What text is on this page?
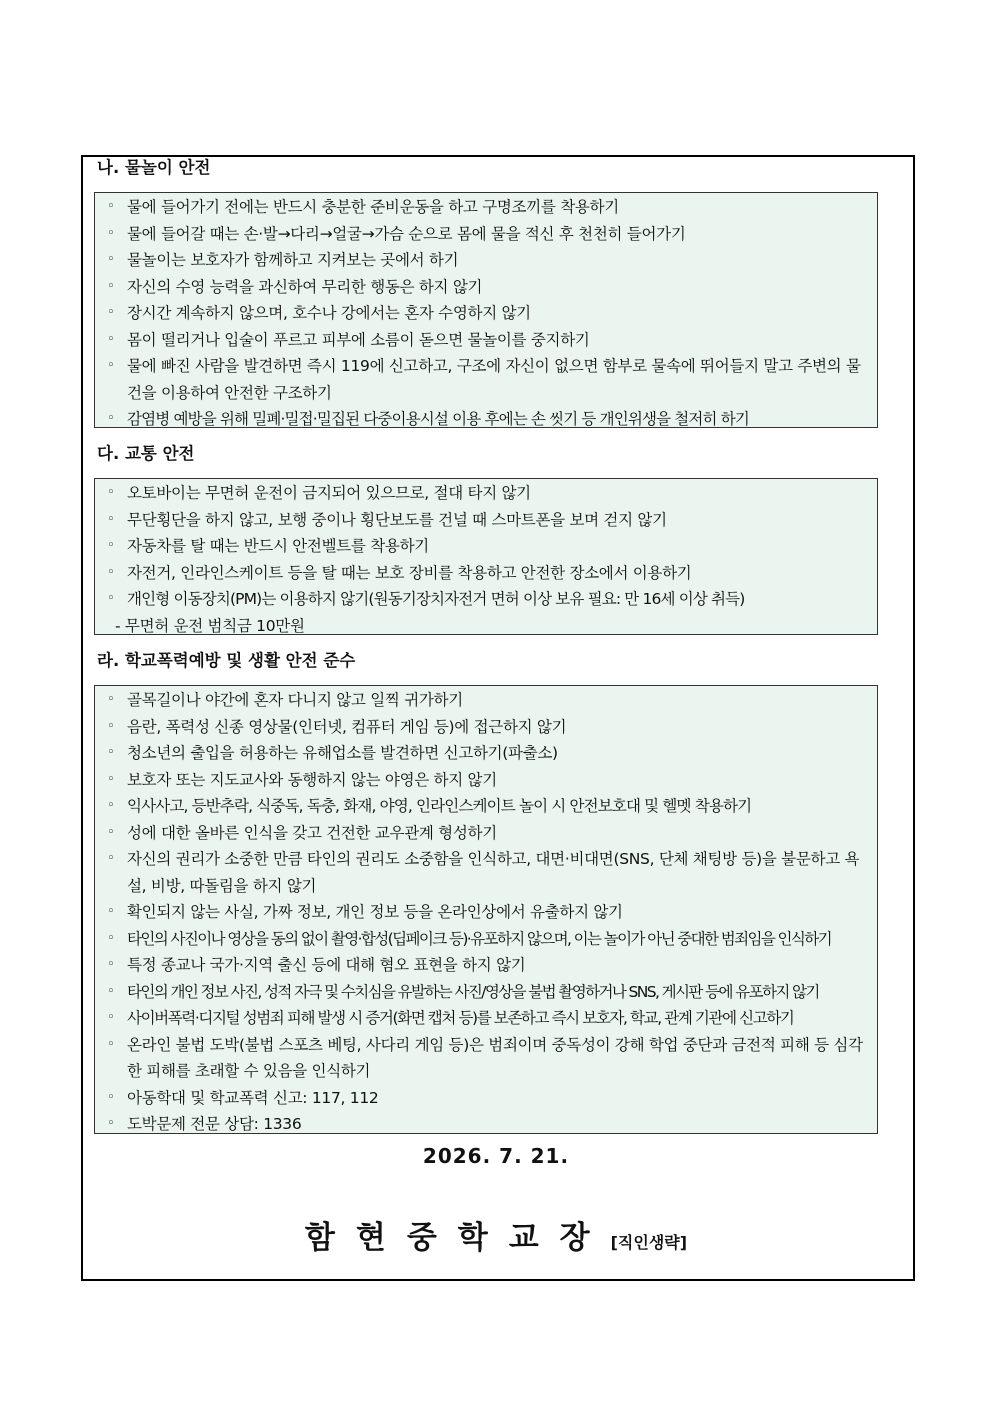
나. 물놀이 안전
◦ 물에 들어가기 전에는 반드시 충분한 준비운동을 하고 구명조끼를 착용하기
◦ 물에 들어갈 때는 손·발→다리→얼굴→가슴 순으로 몸에 물을 적신 후 천천히 들어가기
◦ 물놀이는 보호자가 함께하고 지켜보는 곳에서 하기
◦ 자신의 수영 능력을 과신하여 무리한 행동은 하지 않기
◦ 장시간 계속하지 않으며, 호수나 강에서는 혼자 수영하지 않기
◦ 몸이 떨리거나 입술이 푸르고 피부에 소름이 돋으면 물놀이를 중지하기
◦ 물에 빠진 사람을 발견하면 즉시 119에 신고하고, 구조에 자신이 없으면 함부로 물속에 뛰어들지 말고 주변의 물건을 이용하여 안전한 구조하기
◦ 감염병 예방을 위해 밀폐·밀접·밀집된 다중이용시설 이용 후에는 손 씻기 등 개인위생을 철저히 하기
다. 교통 안전
◦ 오토바이는 무면허 운전이 금지되어 있으므로, 절대 타지 않기
◦ 무단횡단을 하지 않고, 보행 중이나 횡단보도를 건널 때 스마트폰을 보며 걷지 않기
◦ 자동차를 탈 때는 반드시 안전벨트를 착용하기
◦ 자전거, 인라인스케이트 등을 탈 때는 보호 장비를 착용하고 안전한 장소에서 이용하기
◦ 개인형 이동장치(PM)는 이용하지 않기(원동기장치자전거 면허 이상 보유 필요: 만 16세 이상 취득)
- 무면허 운전 범칙금 10만원
라. 학교폭력예방 및 생활 안전 준수
◦ 골목길이나 야간에 혼자 다니지 않고 일찍 귀가하기
◦ 음란, 폭력성 신종 영상물(인터넷, 컴퓨터 게임 등)에 접근하지 않기
◦ 청소년의 출입을 허용하는 유해업소를 발견하면 신고하기(파출소)
◦ 보호자 또는 지도교사와 동행하지 않는 야영은 하지 않기
◦ 익사사고, 등반추락, 식중독, 독충, 화재, 야영, 인라인스케이트 놀이 시 안전보호대 및 헬멧 착용하기
◦ 성에 대한 올바른 인식을 갖고 건전한 교우관계 형성하기
◦ 자신의 권리가 소중한 만큼 타인의 권리도 소중함을 인식하고, 대면·비대면(SNS, 단체 채팅방 등)을 불문하고 욕설, 비방, 따돌림을 하지 않기
◦ 확인되지 않는 사실, 가짜 정보, 개인 정보 등을 온라인상에서 유출하지 않기
◦ 타인의 사진이나 영상을 동의 없이 촬영·합성(딥페이크 등)·유포하지 않으며, 이는 놀이가 아닌 중대한 범죄임을 인식하기
◦ 특정 종교나 국가·지역 출신 등에 대해 혐오 표현을 하지 않기
◦ 타인의 개인 정보 사진, 성적 자극 및 수치심을 유발하는 사진/영상을 불법 촬영하거나 SNS, 게시판 등에 유포하지 않기
◦ 사이버폭력·디지털 성범죄 피해 발생 시 증거(화면 캡처 등)를 보존하고 즉시 보호자, 학교, 관계 기관에 신고하기
◦ 온라인 불법 도박(불법 스포츠 베팅, 사다리 게임 등)은 범죄이며 중독성이 강해 학업 중단과 금전적 피해 등 심각한 피해를 초래할 수 있음을 인식하기
◦ 아동학대 및 학교폭력 신고: 117, 112
◦ 도박문제 전문 상담: 1336
2026. 7. 21.
함현중학교장[직인생략]
